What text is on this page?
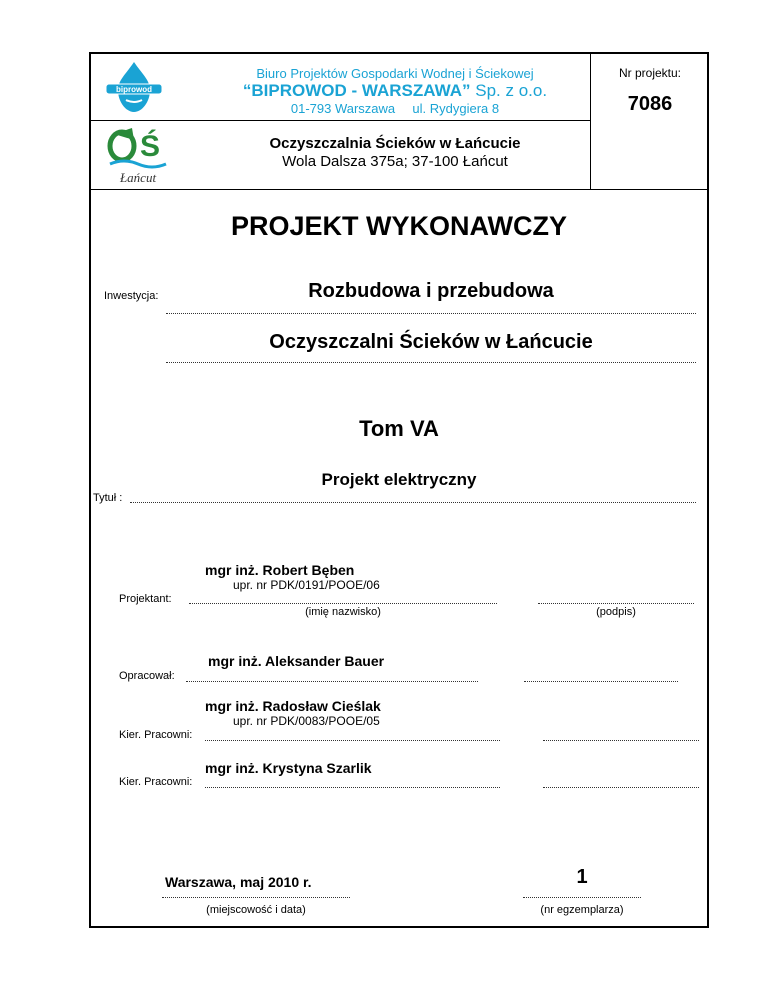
biprowod
Biuro Projektów Gospodarki Wodnej i Ściekowej
“BIPROWOD - WARSZAWA” Sp. z o.o.
01-793 Warszawa ul. Rydygiera 8
Nr projektu:
7086
Ś
Łańcut
Oczyszczalnia Ścieków w Łańcucie
Wola Dalsza 375a; 37-100 Łańcut
PROJEKT WYKONAWCZY
Inwestycja:	Rozbudowa i przebudowa
Oczyszczalni Ścieków w Łańcucie
Tom VA
Projekt elektryczny
Tytuł :
mgr inż. Robert Bęben
upr. nr PDK/0191/POOE/06
Projektant:
(imię nazwisko)	(podpis)
mgr inż. Aleksander Bauer
Opracował:
mgr inż. Radosław Cieślak
upr. nr PDK/0083/POOE/05
Kier. Pracowni:
mgr inż. Krystyna Szarlik
Kier. Pracowni:
Warszawa, maj 2010 r.
(miejscowość i data)
1
(nr egzemplarza)
